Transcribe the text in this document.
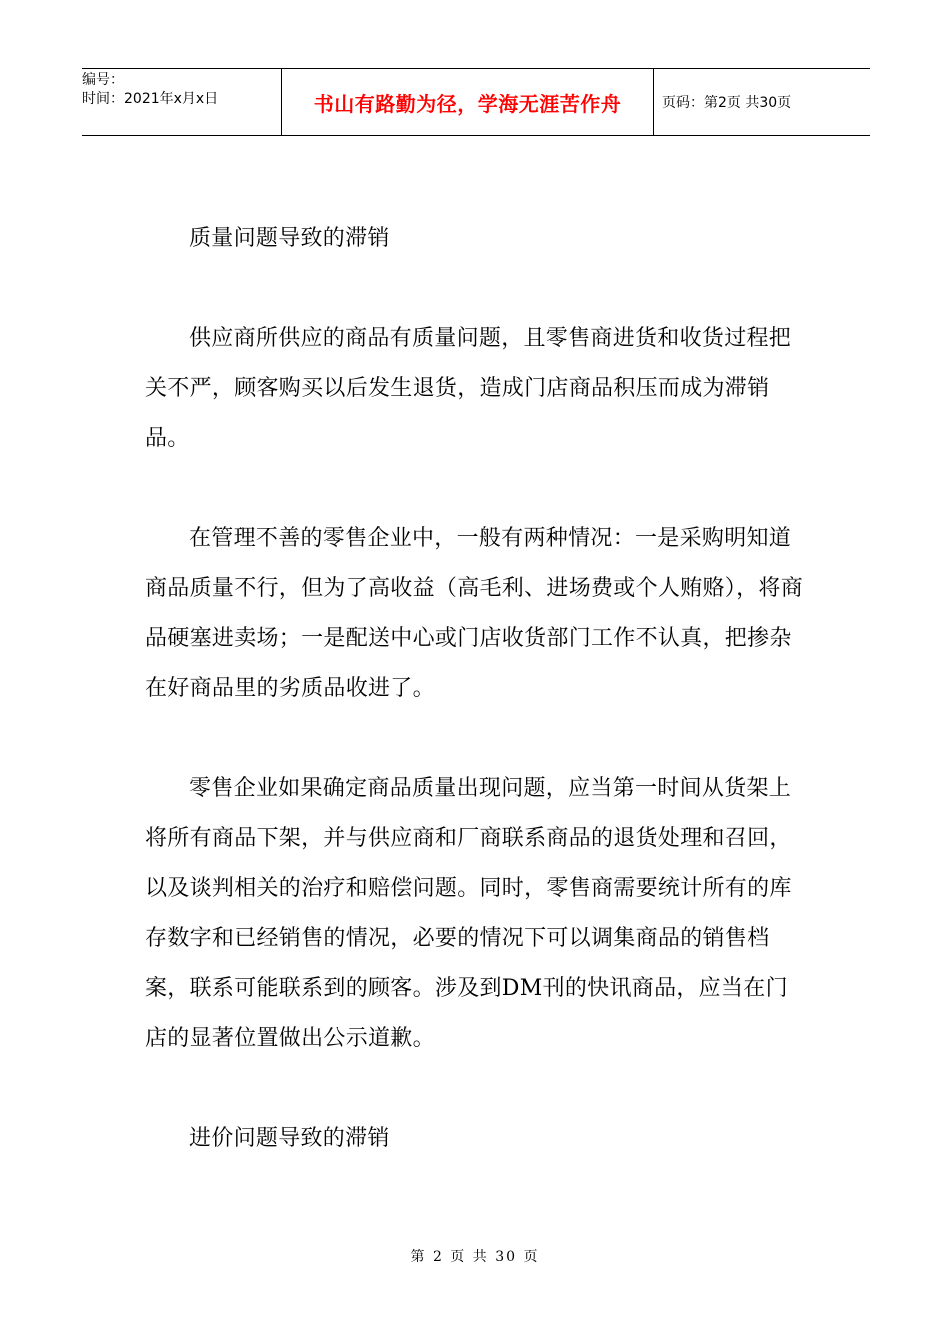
编号：
时间：2021年x月x日	书山有路勤为径，学海无涯苦作舟	页码：第2页 共30页

质量问题导致的滞销

供应商所供应的商品有质量问题，且零售商进货和收货过程把关不严，顾客购买以后发生退货，造成门店商品积压而成为滞销品。

在管理不善的零售企业中，一般有两种情况：一是采购明知道商品质量不行，但为了高收益（高毛利、进场费或个人贿赂），将商品硬塞进卖场；一是配送中心或门店收货部门工作不认真，把掺杂在好商品里的劣质品收进了。

零售企业如果确定商品质量出现问题，应当第一时间从货架上将所有商品下架，并与供应商和厂商联系商品的退货处理和召回，以及谈判相关的治疗和赔偿问题。同时，零售商需要统计所有的库存数字和已经销售的情况，必要的情况下可以调集商品的销售档案，联系可能联系到的顾客。涉及到DM刊的快讯商品，应当在门店的显著位置做出公示道歉。

进价问题导致的滞销

第 2 页 共 30 页
